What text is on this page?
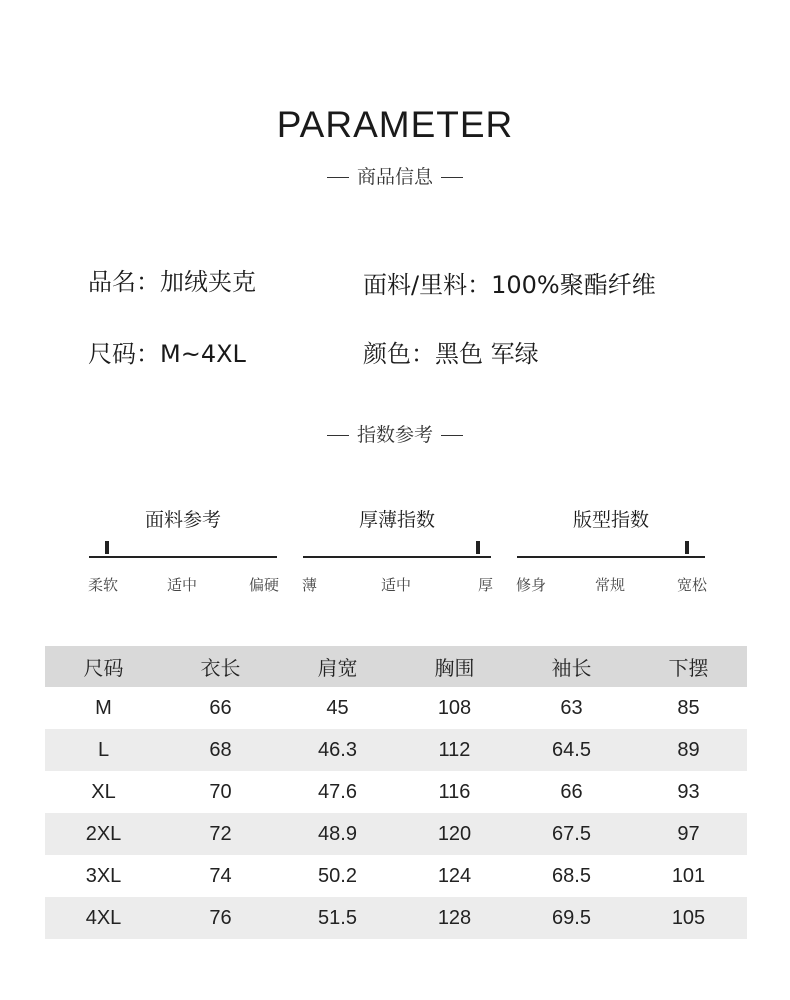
PARAMETER
商品信息
品名：加绒夹克	面料/里料：100%聚酯纤维
尺码：M~4XL	颜色：黑色 军绿
指数参考
面料参考
柔软	适中	偏硬
厚薄指数
薄	适中	厚
版型指数
修身	常规	宽松
尺码	衣长	肩宽	胸围	袖长	下摆
M	66	45	108	63	85
L	68	46.3	112	64.5	89
XL	70	47.6	116	66	93
2XL	72	48.9	120	67.5	97
3XL	74	50.2	124	68.5	101
4XL	76	51.5	128	69.5	105
